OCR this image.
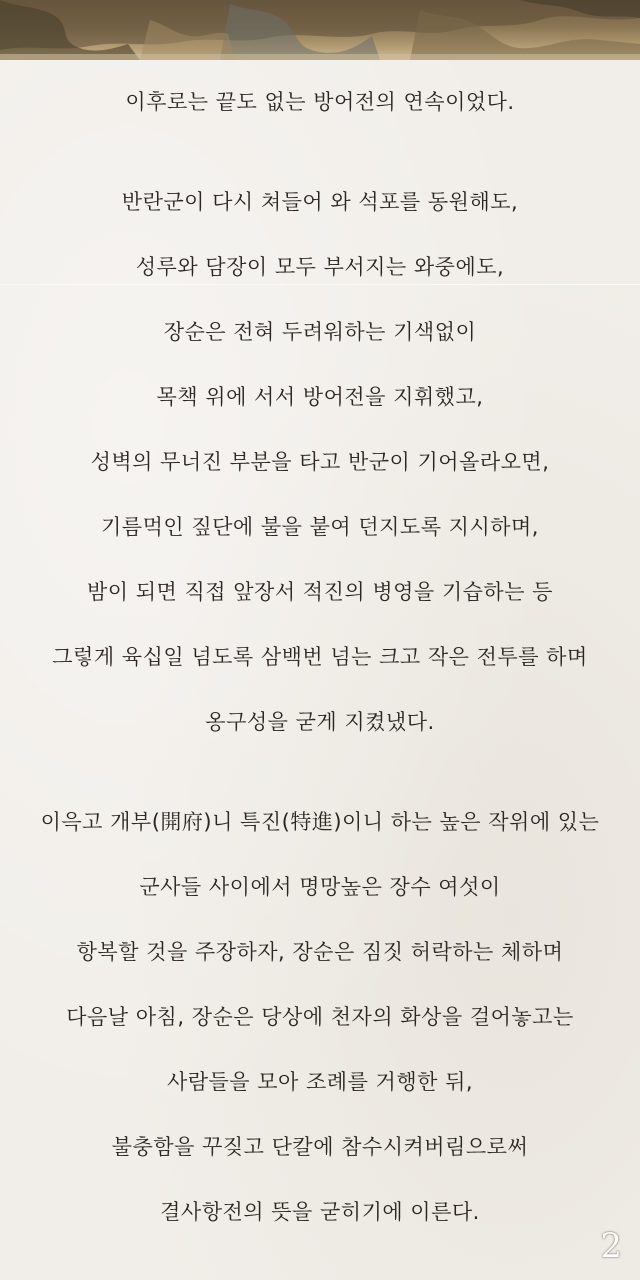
이후로는 끝도 없는 방어전의 연속이었다.
반란군이 다시 쳐들어 와 석포를 동원해도,
성루와 담장이 모두 부서지는 와중에도,
장순은 전혀 두려워하는 기색없이
목책 위에 서서 방어전을 지휘했고,
성벽의 무너진 부분을 타고 반군이 기어올라오면,
기름먹인 짚단에 불을 붙여 던지도록 지시하며,
밤이 되면 직접 앞장서 적진의 병영을 기습하는 등
그렇게 육십일 넘도록 삼백번 넘는 크고 작은 전투를 하며
옹구성을 굳게 지켰냈다.
이윽고 개부(開府)니 특진(特進)이니 하는 높은 작위에 있는
군사들 사이에서 명망높은 장수 여섯이
항복할 것을 주장하자, 장순은 짐짓 허락하는 체하며
다음날 아침, 장순은 당상에 천자의 화상을 걸어놓고는
사람들을 모아 조례를 거행한 뒤,
불충함을 꾸짖고 단칼에 참수시켜버림으로써
결사항전의 뜻을 굳히기에 이른다.
2
